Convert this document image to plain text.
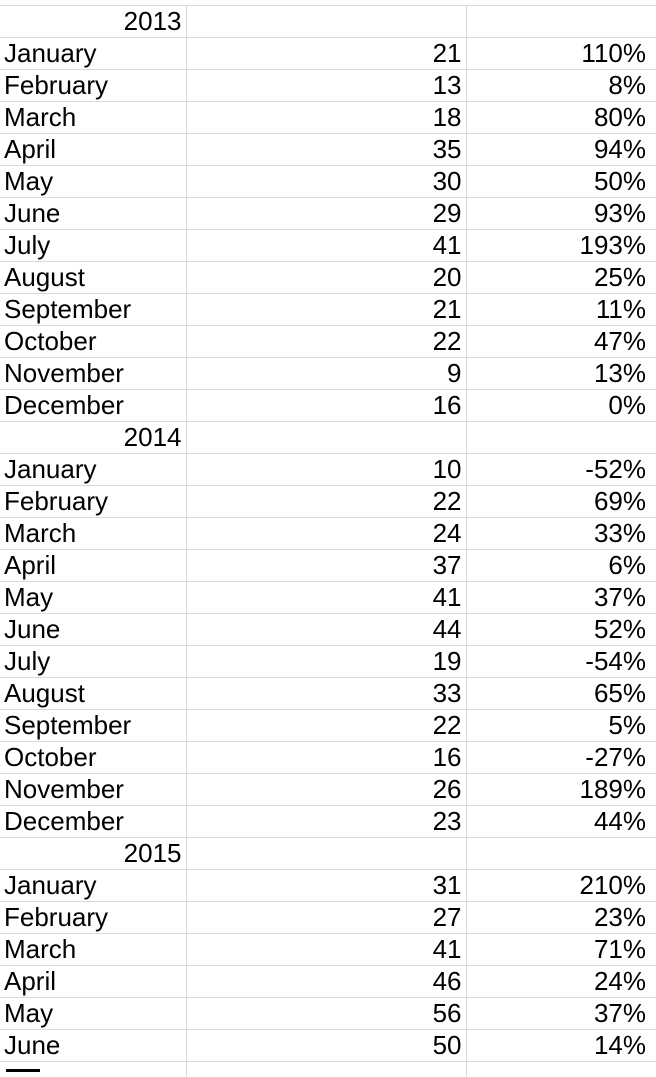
2013		
January	21	110%
February	13	8%
March	18	80%
April	35	94%
May	30	50%
June	29	93%
July	41	193%
August	20	25%
September	21	11%
October	22	47%
November	9	13%
December	16	0%
2014		
January	10	-52%
February	22	69%
March	24	33%
April	37	6%
May	41	37%
June	44	52%
July	19	-54%
August	33	65%
September	22	5%
October	16	-27%
November	26	189%
December	23	44%
2015		
January	31	210%
February	27	23%
March	41	71%
April	46	24%
May	56	37%
June	50	14%
